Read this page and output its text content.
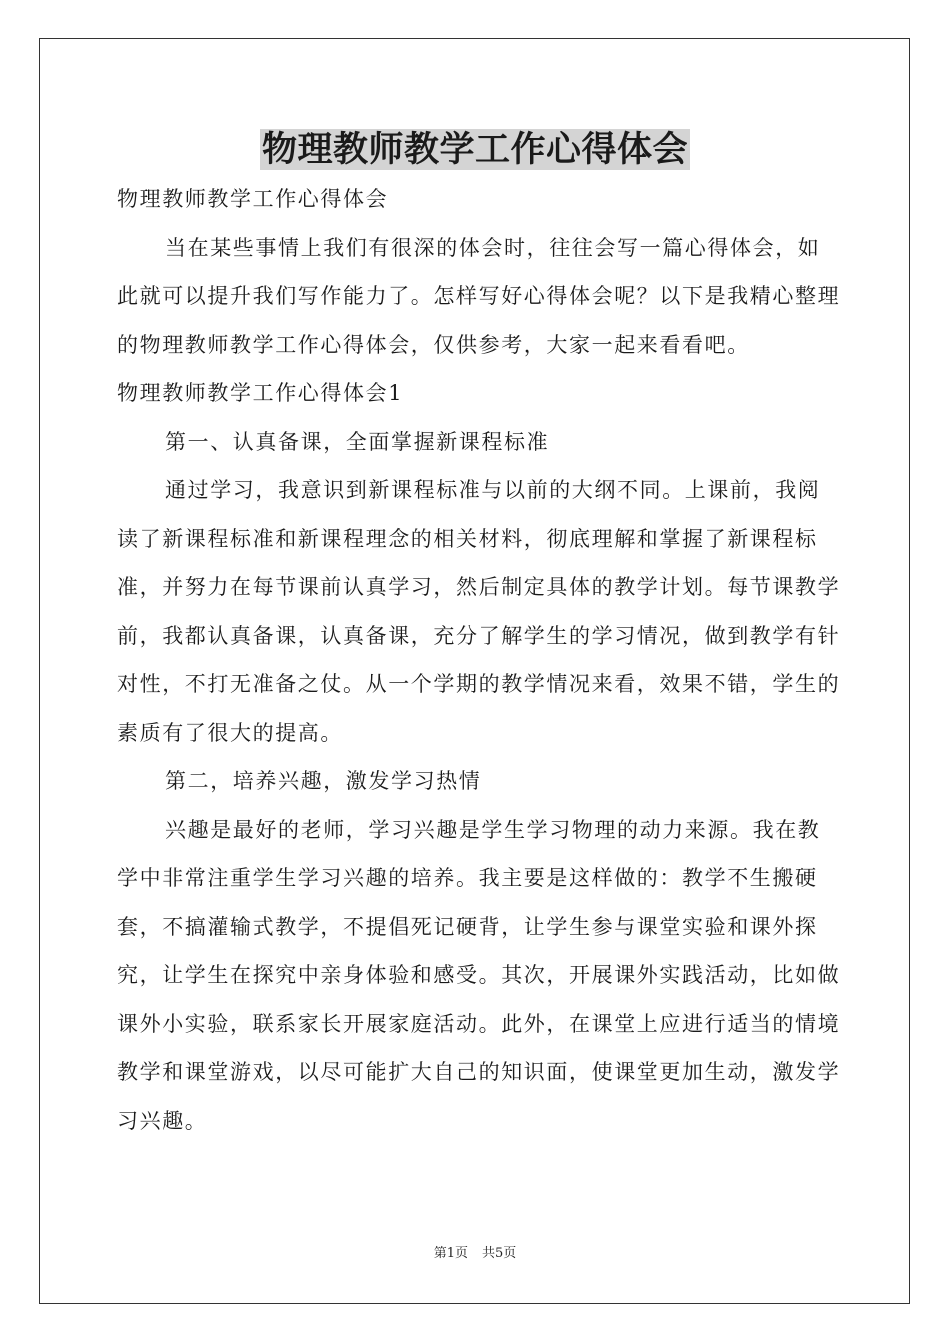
物理教师教学工作心得体会

物理教师教学工作心得体会

当在某些事情上我们有很深的体会时，往往会写一篇心得体会，如此就可以提升我们写作能力了。怎样写好心得体会呢？以下是我精心整理的物理教师教学工作心得体会，仅供参考，大家一起来看看吧。

物理教师教学工作心得体会1

第一、认真备课，全面掌握新课程标准

通过学习，我意识到新课程标准与以前的大纲不同。上课前，我阅读了新课程标准和新课程理念的相关材料，彻底理解和掌握了新课程标准，并努力在每节课前认真学习，然后制定具体的教学计划。每节课教学前，我都认真备课，认真备课，充分了解学生的学习情况，做到教学有针对性，不打无准备之仗。从一个学期的教学情况来看，效果不错，学生的素质有了很大的提高。

第二，培养兴趣，激发学习热情

兴趣是最好的老师，学习兴趣是学生学习物理的动力来源。我在教学中非常注重学生学习兴趣的培养。我主要是这样做的：教学不生搬硬套，不搞灌输式教学，不提倡死记硬背，让学生参与课堂实验和课外探究，让学生在探究中亲身体验和感受。其次，开展课外实践活动，比如做课外小实验，联系家长开展家庭活动。此外，在课堂上应进行适当的情境教学和课堂游戏，以尽可能扩大自己的知识面，使课堂更加生动，激发学习兴趣。

第1页 共5页
